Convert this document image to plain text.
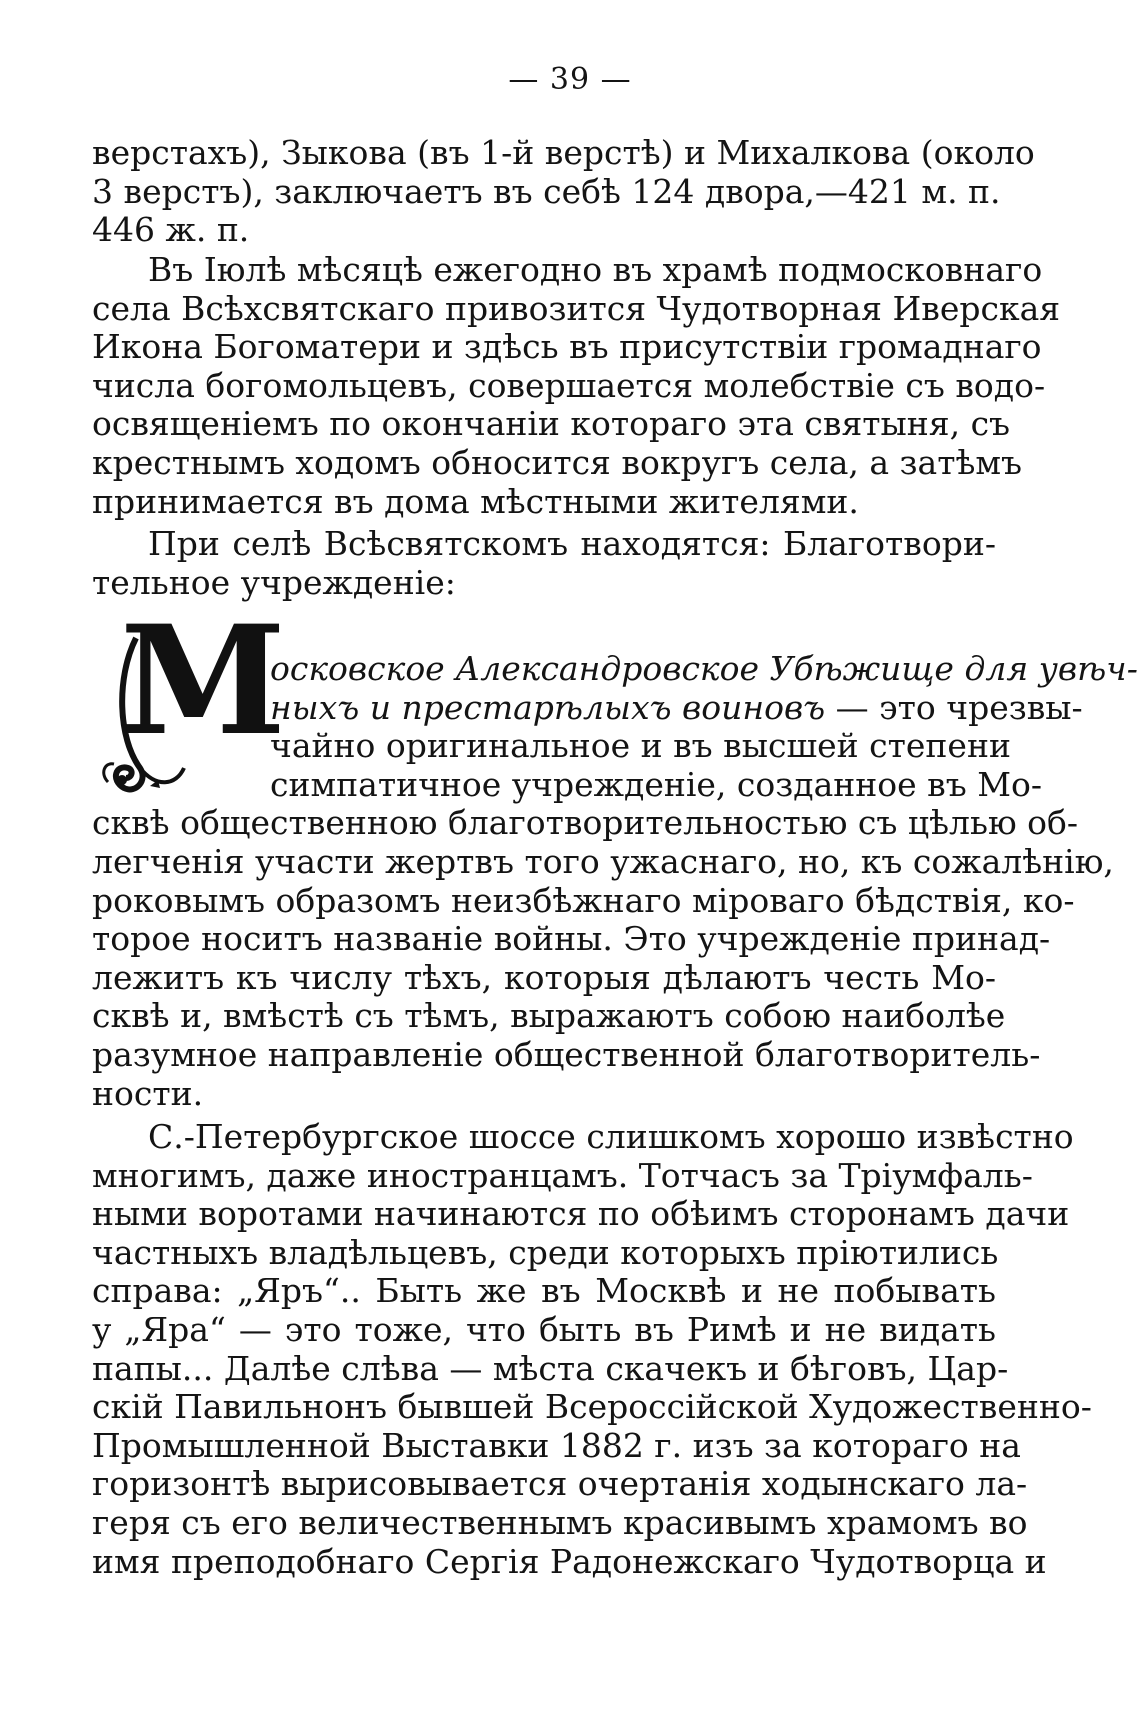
— 39 —
верстахъ), Зыкова (въ 1-й верстѣ) и Михалкова (около
3 верстъ), заключаетъ въ себѣ 124 двора,—421 м. п.
446 ж. п.
Въ Іюлѣ мѣсяцѣ ежегодно въ храмѣ подмосковнаго
села Всѣхсвятскаго привозится Чудотворная Иверская
Икона Богоматери и здѣсь въ присутствіи громаднаго
числа богомольцевъ, совершается молебствіе съ водо-
освященіемъ по окончаніи котораго эта святыня, съ
крестнымъ ходомъ обносится вокругъ села, а затѣмъ
принимается въ дома мѣстными жителями.
При селѣ Всѣсвятскомъ находятся: Благотвори-
тельное учрежденіе:
М
осковское Александровское Убѣжище для увѣч-
ныхъ и престарѣлыхъ воиновъ — это чрезвы-
чайно оригинальное и въ высшей степени
симпатичное учрежденіе, созданное въ Мо-
сквѣ общественною благотворительностью съ цѣлью об-
легченія участи жертвъ того ужаснаго, но, къ сожалѣнію,
роковымъ образомъ неизбѣжнаго міроваго бѣдствія, ко-
торое носитъ названіе войны. Это учрежденіе принад-
лежитъ къ числу тѣхъ, которыя дѣлаютъ честь Мо-
сквѣ и, вмѣстѣ съ тѣмъ, выражаютъ собою наиболѣе
разумное направленіе общественной благотворитель-
ности.
С.-Петербургское шоссе слишкомъ хорошо извѣстно
многимъ, даже иностранцамъ. Тотчасъ за Тріумфаль-
ными воротами начинаются по обѣимъ сторонамъ дачи
частныхъ владѣльцевъ, среди которыхъ пріютились
справа: „Яръ“.. Быть же въ Москвѣ и не побывать
у „Яра“ — это тоже, что быть въ Римѣ и не видать
папы... Далѣе слѣва — мѣста скачекъ и бѣговъ, Цар-
скій Павильнонъ бывшей Всероссійской Художественно-
Промышленной Выставки 1882 г. изъ за котораго на
горизонтѣ вырисовывается очертанія ходынскаго ла-
геря съ его величественнымъ красивымъ храмомъ во
имя преподобнаго Сергія Радонежскаго Чудотворца и
